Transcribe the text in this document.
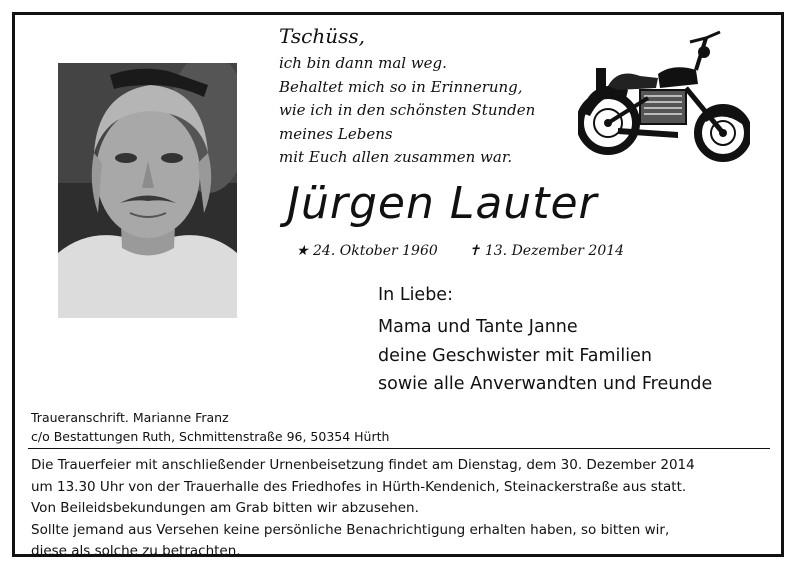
Tschüss,
ich bin dann mal weg.
Behaltet mich so in Erinnerung,
wie ich in den schönsten Stunden
meines Lebens
mit Euch allen zusammen war.
Jürgen Lauter
★ 24. Oktober 1960 ✝ 13. Dezember 2014
In Liebe:
Mama und Tante Janne
deine Geschwister mit Familien
sowie alle Anverwandten und Freunde
Traueranschrift. Marianne Franz
c/o Bestattungen Ruth, Schmittenstraße 96, 50354 Hürth
Die Trauerfeier mit anschließender Urnenbeisetzung findet am Dienstag, dem 30. Dezember 2014
um 13.30 Uhr von der Trauerhalle des Friedhofes in Hürth-Kendenich, Steinackerstraße aus statt.
Von Beileidsbekundungen am Grab bitten wir abzusehen.
Sollte jemand aus Versehen keine persönliche Benachrichtigung erhalten haben, so bitten wir,
diese als solche zu betrachten.
